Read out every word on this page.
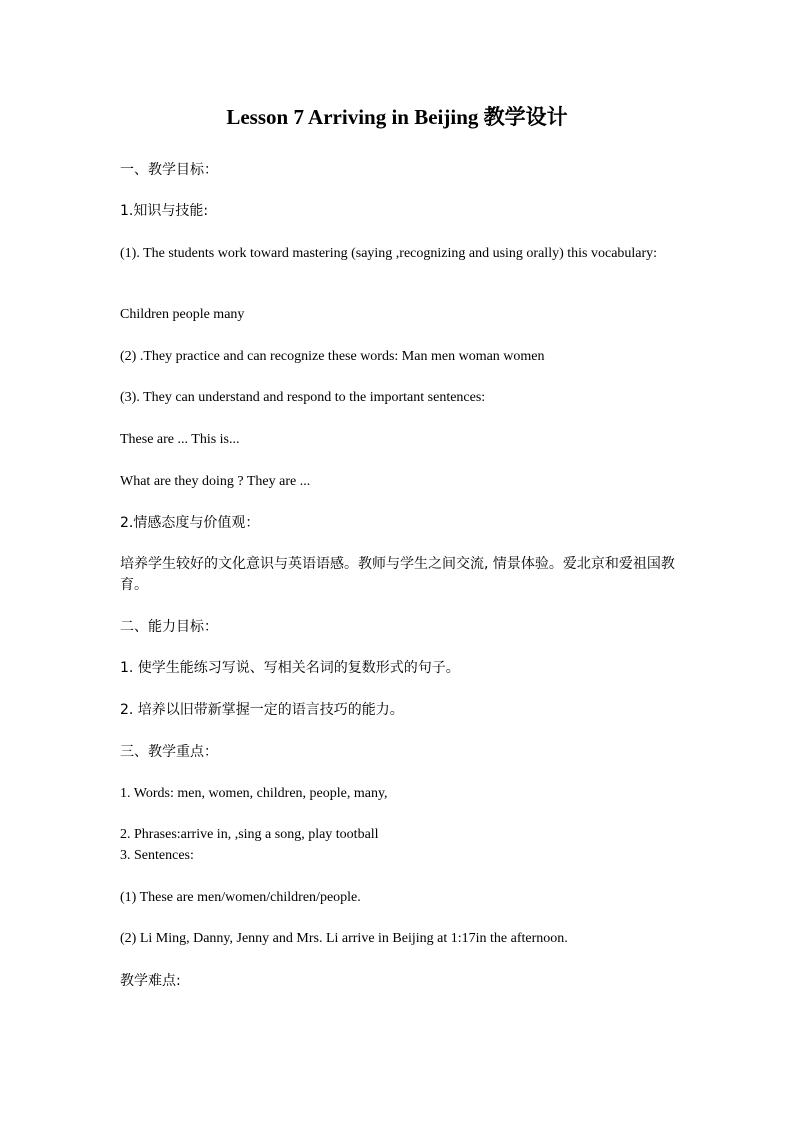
Lesson 7 Arriving in Beijing 教学设计
一、教学目标：
1.知识与技能:
(1). The students work toward mastering (saying ,recognizing and using orally) this vocabulary:
Children people many
(2) .They practice and can recognize these words: Man men woman women
(3). They can understand and respond to the important sentences:
These are ... This is...
What are they doing ? They are ...
2.情感态度与价值观：
培养学生较好的文化意识与英语语感。教师与学生之间交流, 情景体验。爱北京和爱祖国教育。
二、能力目标：
1. 使学生能练习写说、写相关名词的复数形式的句子。
2. 培养以旧带新掌握一定的语言技巧的能力。
三、教学重点：
1. Words: men, women, children, people, many,
2. Phrases:arrive in, ,sing a song, play tootball
3. Sentences:
(1) These are men/women/children/people.
(2) Li Ming, Danny, Jenny and Mrs. Li arrive in Beijing at 1:17in the afternoon.
教学难点:
